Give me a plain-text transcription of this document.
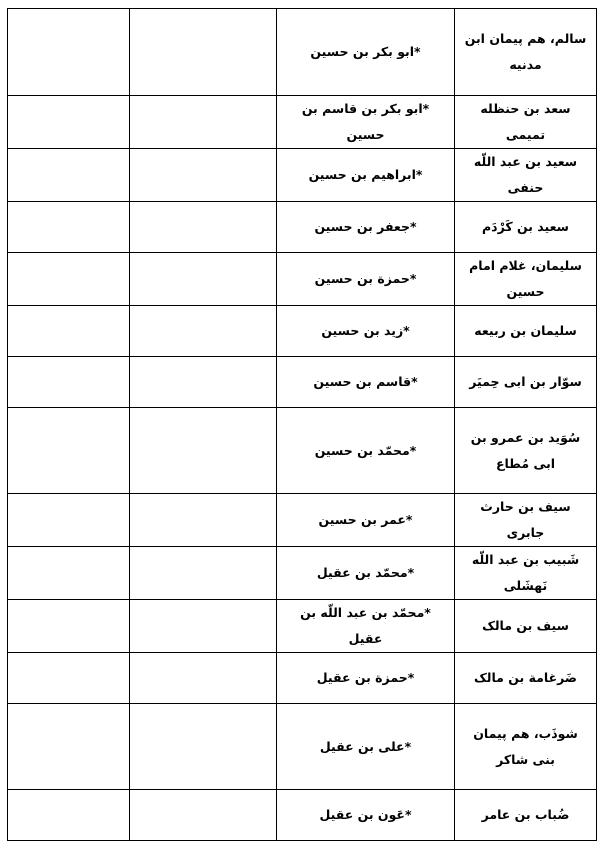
سالم، هم پیمان ابن مدنیه	*ابو بکر بن حسین		
سعد بن حنظله تمیمی	*ابو بکر بن قاسم بن حسین		
سعید بن عبد اللّه حنفی	*ابراهیم بن حسین		
سعید بن کَرْدَم	*جعفر بن حسین		
سلیمان، غلام امام حسین	*حمزة بن حسین		
سلیمان بن ربیعه	*زید بن حسین		
سوّار بن ابی حِمیَر	*قاسم بن حسین		
سُوَید بن عمرو بن ابی مُطاع	*محمّد بن حسین		
سیف بن حارث جابری	*عمر بن حسین		
شَبیب بن عبد اللّه نَهشَلی	*محمّد بن عقیل		
سیف بن مالک	*محمّد بن عبد اللّه بن عقیل		
ضَرغامة بن مالک	*حمزة بن عقیل		
شوذَب، هم پیمان بنی شاکر	*علی بن عقیل		
ضُباب بن عامر	*عَون بن عقیل		
